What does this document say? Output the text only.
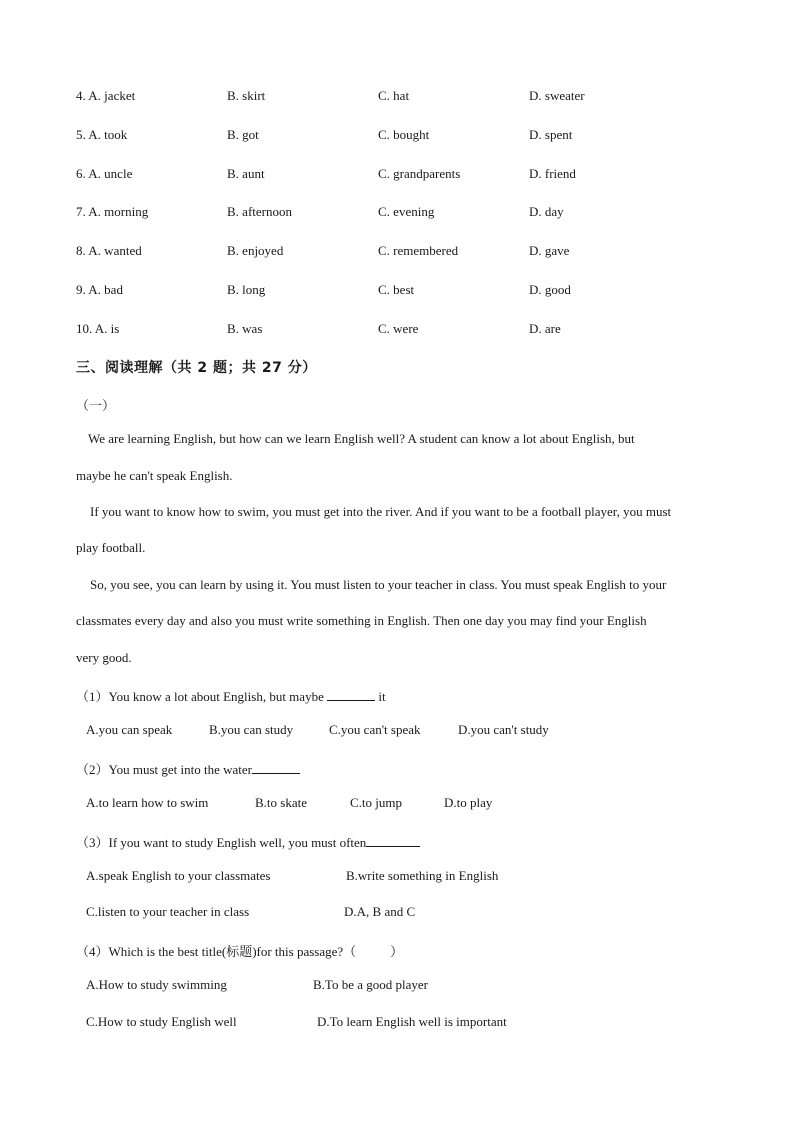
4. A. jacket	B. skirt	C. hat	D. sweater
5. A. took	B. got	C. bought	D. spent
6. A. uncle	B. aunt	C. grandparents	D. friend
7. A. morning	B. afternoon	C. evening	D. day
8. A. wanted	B. enjoyed	C. remembered	D. gave
9. A. bad	B. long	C. best	D. good
10. A. is	B. was	C. were	D. are
三、阅读理解（共 2 题；共 27 分）
（一）
We are learning English, but how can we learn English well? A student can know a lot about English, but
maybe he can't speak English.
If you want to know how to swim, you must get into the river. And if you want to be a football player, you must
play football.
So, you see, you can learn by using it. You must listen to your teacher in class. You must speak English to your
classmates every day and also you must write something in English. Then one day you may find your English
very good.
（1）You know a lot about English, but maybe	it
A.you can speak	B.you can study	C.you can't speak	D.you can't study
（2）You must get into the water
A.to learn how to swim	B.to skate	C.to jump	D.to play
（3）If you want to study English well, you must often
A.speak English to your classmates	B.write something in English
C.listen to your teacher in class	D.A, B and C
（4）Which is the best title(标题)for this passage?（	）
A.How to study swimming	B.To be a good player
C.How to study English well	D.To learn English well is important
